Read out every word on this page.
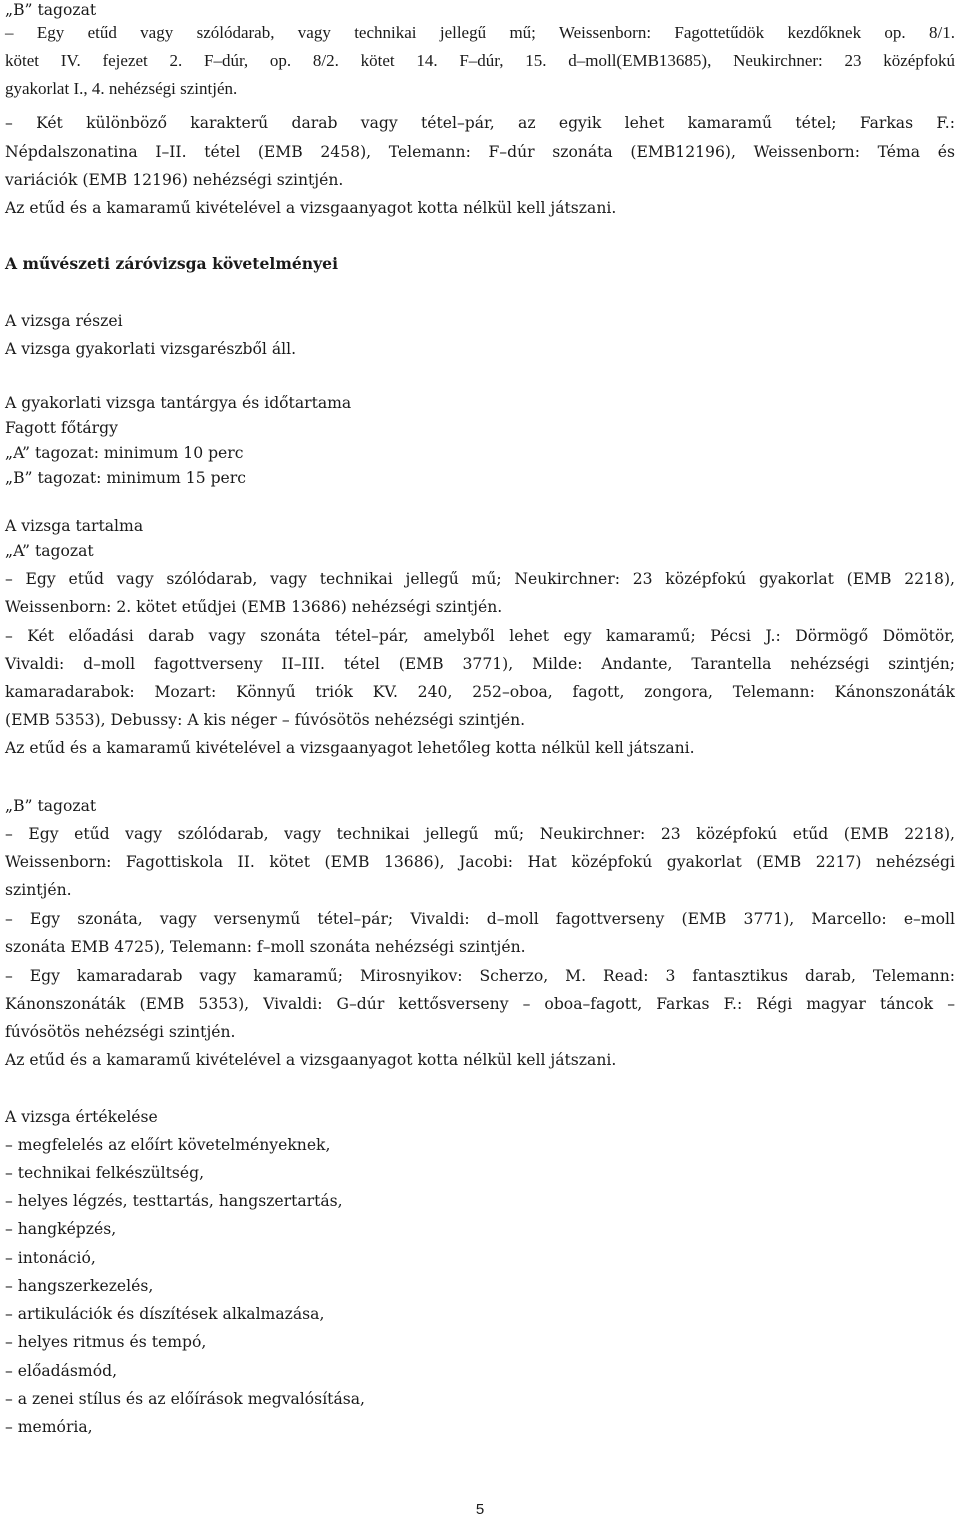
„B” tagozat
– Egy etűd vagy szólódarab, vagy technikai jellegű mű; Weissenborn: Fagottetűdök kezdőknek op. 8/1.
kötet IV. fejezet 2. F–dúr, op. 8/2. kötet 14. F–dúr, 15. d–moll(EMB13685), Neukirchner: 23 középfokú
gyakorlat I., 4. nehézségi szintjén.
– Két különböző karakterű darab vagy tétel–pár, az egyik lehet kamaramű tétel; Farkas F.:
Népdalszonatina I–II. tétel (EMB 2458), Telemann: F–dúr szonáta (EMB12196), Weissenborn: Téma és
variációk (EMB 12196) nehézségi szintjén.
Az etűd és a kamaramű kivételével a vizsgaanyagot kotta nélkül kell játszani.
A művészeti záróvizsga követelményei
A vizsga részei
A vizsga gyakorlati vizsgarészből áll.
A gyakorlati vizsga tantárgya és időtartama
Fagott főtárgy
„A” tagozat: minimum 10 perc
„B” tagozat: minimum 15 perc
A vizsga tartalma
„A” tagozat
– Egy etűd vagy szólódarab, vagy technikai jellegű mű; Neukirchner: 23 középfokú gyakorlat (EMB 2218),
Weissenborn: 2. kötet etűdjei (EMB 13686) nehézségi szintjén.
– Két előadási darab vagy szonáta tétel–pár, amelyből lehet egy kamaramű; Pécsi J.: Dörmögő Dömötör,
Vivaldi: d–moll fagottverseny II–III. tétel (EMB 3771), Milde: Andante, Tarantella nehézségi szintjén;
kamaradarabok: Mozart: Könnyű triók KV. 240, 252–oboa, fagott, zongora, Telemann: Kánonszonáták
(EMB 5353), Debussy: A kis néger – fúvósötös nehézségi szintjén.
Az etűd és a kamaramű kivételével a vizsgaanyagot lehetőleg kotta nélkül kell játszani.
„B” tagozat
– Egy etűd vagy szólódarab, vagy technikai jellegű mű; Neukirchner: 23 középfokú etűd (EMB 2218),
Weissenborn: Fagottiskola II. kötet (EMB 13686), Jacobi: Hat középfokú gyakorlat (EMB 2217) nehézségi
szintjén.
– Egy szonáta, vagy versenymű tétel–pár; Vivaldi: d–moll fagottverseny (EMB 3771), Marcello: e–moll
szonáta EMB 4725), Telemann: f–moll szonáta nehézségi szintjén.
– Egy kamaradarab vagy kamaramű; Mirosnyikov: Scherzo, M. Read: 3 fantasztikus darab, Telemann:
Kánonszonáták (EMB 5353), Vivaldi: G–dúr kettősverseny – oboa–fagott, Farkas F.: Régi magyar táncok –
fúvósötös nehézségi szintjén.
Az etűd és a kamaramű kivételével a vizsgaanyagot kotta nélkül kell játszani.
A vizsga értékelése
– megfelelés az előírt követelményeknek,
– technikai felkészültség,
– helyes légzés, testtartás, hangszertartás,
– hangképzés,
– intonáció,
– hangszerkezelés,
– artikulációk és díszítések alkalmazása,
– helyes ritmus és tempó,
– előadásmód,
– a zenei stílus és az előírások megvalósítása,
– memória,
5
